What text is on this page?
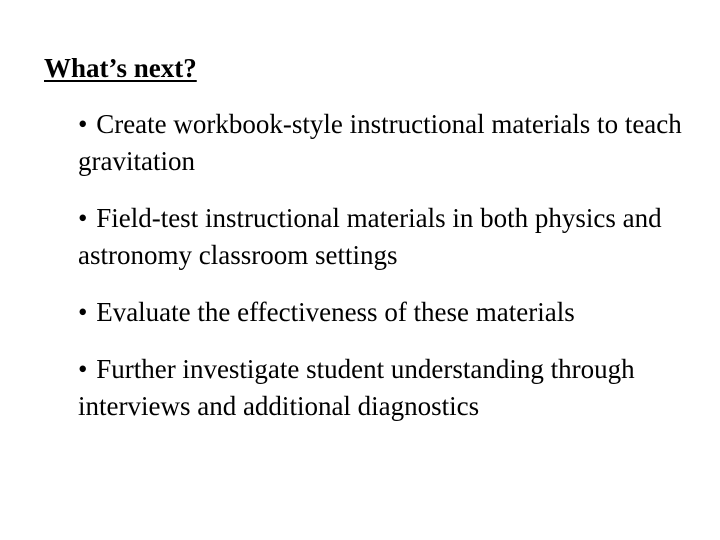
What’s next?
• Create workbook-style instructional materials to teach gravitation
• Field-test instructional materials in both physics and astronomy classroom settings
• Evaluate the effectiveness of these materials
• Further investigate student understanding through interviews and additional diagnostics
